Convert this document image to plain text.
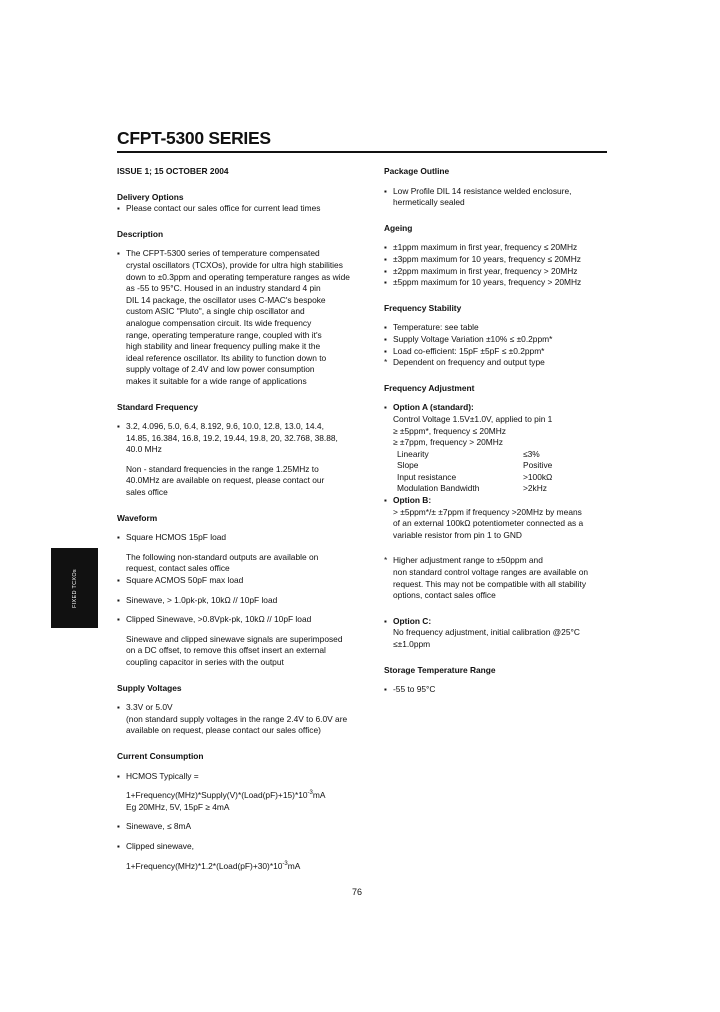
CFPT-5300 SERIES

ISSUE 1; 15 OCTOBER 2004

Delivery Options

▪ Please contact our sales office for current lead times

Description

▪ The CFPT-5300 series of temperature compensated
crystal oscillators (TCXOs), provide for ultra high stabilities
down to ±0.3ppm and operating temperature ranges as wide
as -55 to 95°C. Housed in an industry standard 4 pin
DIL 14 package, the oscillator uses C-MAC's bespoke
custom ASIC "Pluto", a single chip oscillator and
analogue compensation circuit. Its wide frequency
range, operating temperature range, coupled with it's
high stability and linear frequency pulling make it the
ideal reference oscillator. Its ability to function down to
supply voltage of 2.4V and low power consumption
makes it suitable for a wide range of applications

Standard Frequency

▪ 3.2, 4.096, 5.0, 6.4, 8.192, 9.6, 10.0, 12.8, 13.0, 14.4,
14.85, 16.384, 16.8, 19.2, 19.44, 19.8, 20, 32.768, 38.88,
40.0 MHz
Non - standard frequencies in the range 1.25MHz to
40.0MHz are available on request, please contact our
sales office

Waveform

▪ Square HCMOS 15pF load

The following non-standard outputs are available on
request, contact sales office

▪ Square ACMOS 50pF max load

▪ Sinewave, > 1.0pk-pk, 10kΩ // 10pF load

▪ Clipped Sinewave, >0.8Vpk-pk, 10kΩ // 10pF load

Sinewave and clipped sinewave signals are superimposed
on a DC offset, to remove this offset insert an external
coupling capacitor in series with the output

Supply Voltages

▪ 3.3V or 5.0V

(non standard supply voltages in the range 2.4V to 6.0V are
available on request, please contact our sales office)

Current Consumption

▪ HCMOS Typically =

$1+Frequency(MHz)*Supply(V)*(Load(pF)+15)*10^{-3}mA$

Eg 20MHz, 5V, 15pF ≥ 4mA

▪ Sinewave, ≤ 8mA

▪ Clipped sinewave,

$1+Frequency(MHz)*1.2*(Load(pF)+30)*10^{-3}mA$

Package Outline

▪ Low Profile DIL 14 resistance welded enclosure,
hermetically sealed

Ageing

▪ ±1ppm maximum in first year, frequency ≤ 20MHz

▪ ±3ppm maximum for 10 years, frequency ≤ 20MHz

▪ ±2ppm maximum in first year, frequency > 20MHz

▪ ±5ppm maximum for 10 years, frequency > 20MHz

Frequency Stability

▪ Temperature: see table

▪ Supply Voltage Variation ±10% ≤ ±0.2ppm*

▪ Load co-efficient: 15pF ±5pF ≤ ±0.2ppm*

* Dependent on frequency and output type

Frequency Adjustment

▪ Option A (standard):

Control Voltage 1.5V±1.0V, applied to pin 1
≥ ±5ppm*, frequency ≤ 20MHz
≥ ±7ppm, frequency > 20MHz
Linearity	≤3%
Slope	Positive
Input resistance	>100kΩ
Modulation Bandwidth	>2kHz

▪ Option B:

> ±5ppm*/± ±7ppm if frequency >20MHz by means
of an external 100kΩ potentiometer connected as a
variable resistor from pin 1 to GND
* Higher adjustment range to ±50ppm and
non standard control voltage ranges are available on
request. This may not be compatible with all stability
options, contact sales office

▪ Option C:

No frequency adjustment, initial calibration @25°C
≤±1.0ppm

Storage Temperature Range

▪ -55 to 95°C

FIXED TCXOs
76
